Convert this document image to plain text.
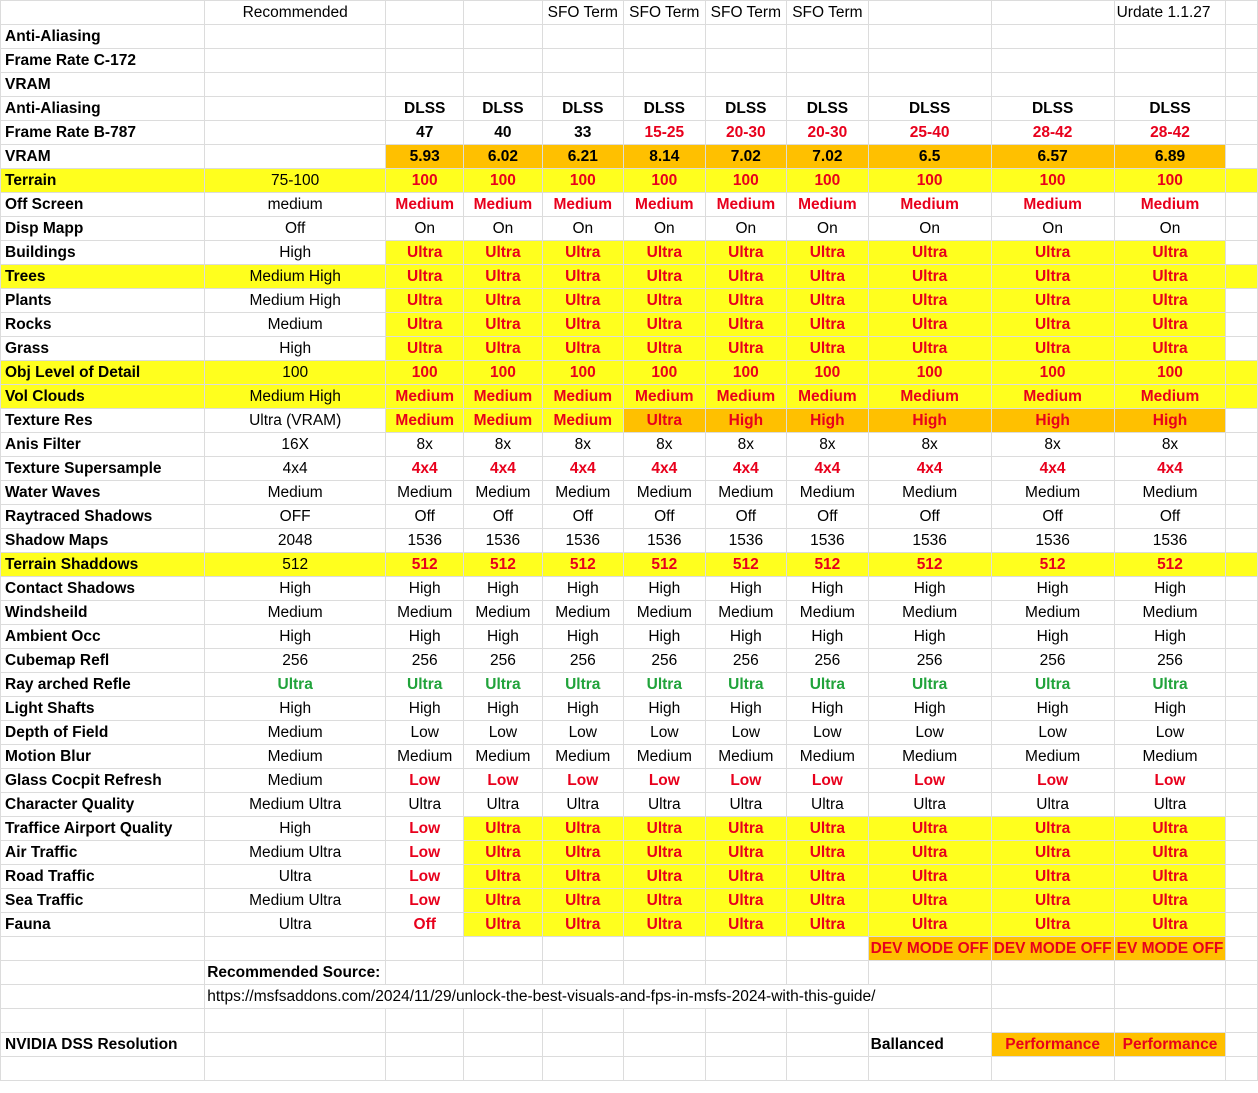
	Recommended			SFO Term	SFO Term	SFO Term	SFO Term			Urdate 1.1.27	
Anti-Aliasing											
Frame Rate C-172											
VRAM											
Anti-Aliasing		DLSS	DLSS	DLSS	DLSS	DLSS	DLSS	DLSS	DLSS	DLSS	
Frame Rate B-787		47	40	33	15-25	20-30	20-30	25-40	28-42	28-42	
VRAM		5.93	6.02	6.21	8.14	7.02	7.02	6.5	6.57	6.89	
Terrain	75-100	100	100	100	100	100	100	100	100	100	
Off Screen	medium	Medium	Medium	Medium	Medium	Medium	Medium	Medium	Medium	Medium	
Disp Mapp	Off	On	On	On	On	On	On	On	On	On	
Buildings	High	Ultra	Ultra	Ultra	Ultra	Ultra	Ultra	Ultra	Ultra	Ultra	
Trees	Medium High	Ultra	Ultra	Ultra	Ultra	Ultra	Ultra	Ultra	Ultra	Ultra	
Plants	Medium High	Ultra	Ultra	Ultra	Ultra	Ultra	Ultra	Ultra	Ultra	Ultra	
Rocks	Medium	Ultra	Ultra	Ultra	Ultra	Ultra	Ultra	Ultra	Ultra	Ultra	
Grass	High	Ultra	Ultra	Ultra	Ultra	Ultra	Ultra	Ultra	Ultra	Ultra	
Obj Level of Detail	100	100	100	100	100	100	100	100	100	100	
Vol Clouds	Medium High	Medium	Medium	Medium	Medium	Medium	Medium	Medium	Medium	Medium	
Texture Res	Ultra (VRAM)	Medium	Medium	Medium	Ultra	High	High	High	High	High	
Anis Filter	16X	8x	8x	8x	8x	8x	8x	8x	8x	8x	
Texture Supersample	4x4	4x4	4x4	4x4	4x4	4x4	4x4	4x4	4x4	4x4	
Water Waves	Medium	Medium	Medium	Medium	Medium	Medium	Medium	Medium	Medium	Medium	
Raytraced Shadows	OFF	Off	Off	Off	Off	Off	Off	Off	Off	Off	
Shadow Maps	2048	1536	1536	1536	1536	1536	1536	1536	1536	1536	
Terrain Shaddows	512	512	512	512	512	512	512	512	512	512	
Contact Shadows	High	High	High	High	High	High	High	High	High	High	
Windsheild	Medium	Medium	Medium	Medium	Medium	Medium	Medium	Medium	Medium	Medium	
Ambient Occ	High	High	High	High	High	High	High	High	High	High	
Cubemap Refl	256	256	256	256	256	256	256	256	256	256	
Ray arched Refle	Ultra	Ultra	Ultra	Ultra	Ultra	Ultra	Ultra	Ultra	Ultra	Ultra	
Light Shafts	High	High	High	High	High	High	High	High	High	High	
Depth of Field	Medium	Low	Low	Low	Low	Low	Low	Low	Low	Low	
Motion Blur	Medium	Medium	Medium	Medium	Medium	Medium	Medium	Medium	Medium	Medium	
Glass Cocpit Refresh	Medium	Low	Low	Low	Low	Low	Low	Low	Low	Low	
Character Quality	Medium Ultra	Ultra	Ultra	Ultra	Ultra	Ultra	Ultra	Ultra	Ultra	Ultra	
Traffice Airport Quality	High	Low	Ultra	Ultra	Ultra	Ultra	Ultra	Ultra	Ultra	Ultra	
Air Traffic	Medium Ultra	Low	Ultra	Ultra	Ultra	Ultra	Ultra	Ultra	Ultra	Ultra	
Road Traffic	Ultra	Low	Ultra	Ultra	Ultra	Ultra	Ultra	Ultra	Ultra	Ultra	
Sea Traffic	Medium Ultra	Low	Ultra	Ultra	Ultra	Ultra	Ultra	Ultra	Ultra	Ultra	
Fauna	Ultra	Off	Ultra	Ultra	Ultra	Ultra	Ultra	Ultra	Ultra	Ultra	
								DEV MODE OFF	DEV MODE OFF	EV MODE OFF	
	Recommended Source:										
	https://msfsaddons.com/2024/11/29/unlock-the-best-visuals-and-fps-in-msfs-2024-with-this-guide/										

NVIDIA DSS Resolution								Ballanced	Performance	Performance	
